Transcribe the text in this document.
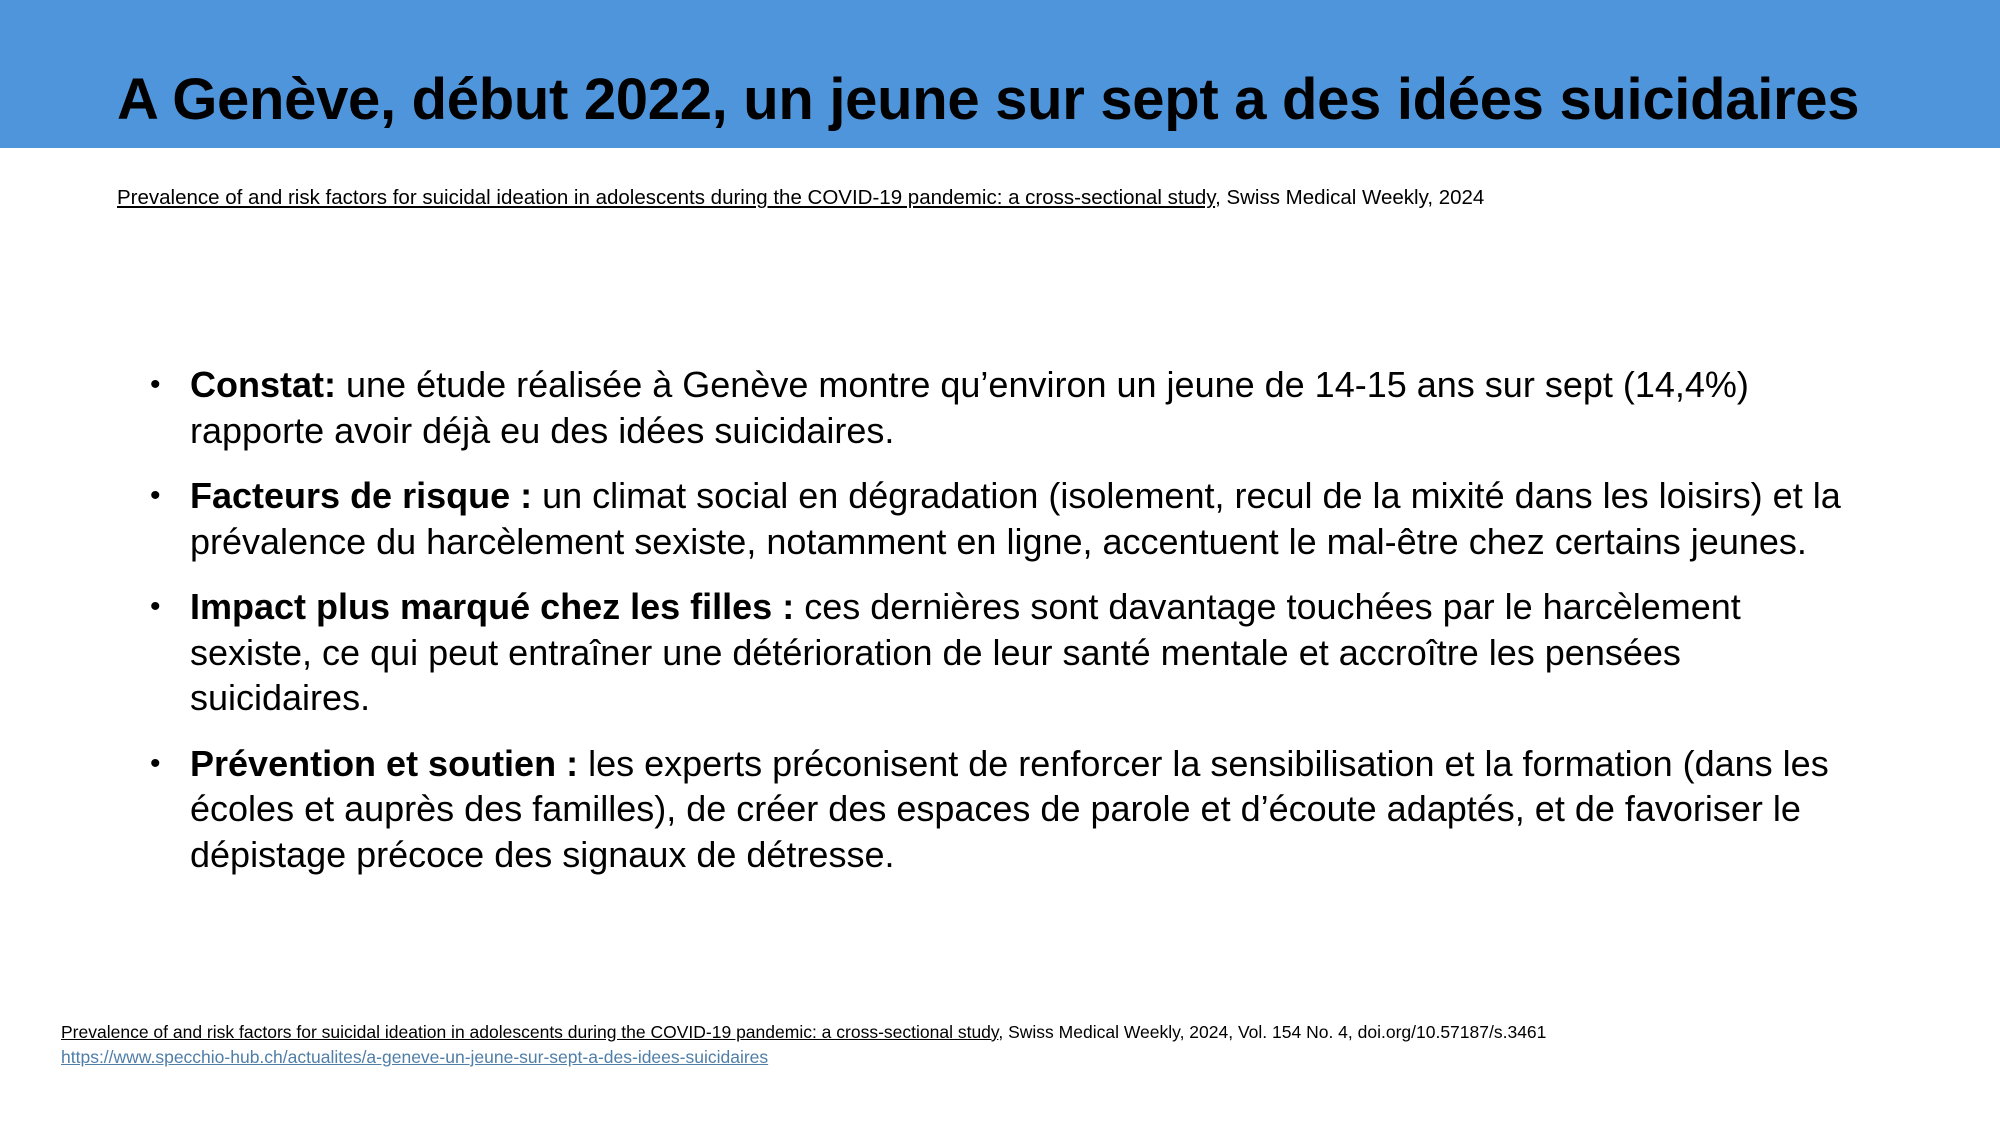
A Genève, début 2022, un jeune sur sept a des idées suicidaires
Prevalence of and risk factors for suicidal ideation in adolescents during the COVID-19 pandemic: a cross-sectional study, Swiss Medical Weekly, 2024
• Constat: une étude réalisée à Genève montre qu’environ un jeune de 14-15 ans sur sept (14,4%) rapporte avoir déjà eu des idées suicidaires.
• Facteurs de risque : un climat social en dégradation (isolement, recul de la mixité dans les loisirs) et la prévalence du harcèlement sexiste, notamment en ligne, accentuent le mal-être chez certains jeunes.
• Impact plus marqué chez les filles : ces dernières sont davantage touchées par le harcèlement sexiste, ce qui peut entraîner une détérioration de leur santé mentale et accroître les pensées suicidaires.
• Prévention et soutien : les experts préconisent de renforcer la sensibilisation et la formation (dans les écoles et auprès des familles), de créer des espaces de parole et d’écoute adaptés, et de favoriser le dépistage précoce des signaux de détresse.
Prevalence of and risk factors for suicidal ideation in adolescents during the COVID-19 pandemic: a cross-sectional study, Swiss Medical Weekly, 2024, Vol. 154 No. 4, doi.org/10.57187/s.3461
https://www.specchio-hub.ch/actualites/a-geneve-un-jeune-sur-sept-a-des-idees-suicidaires
